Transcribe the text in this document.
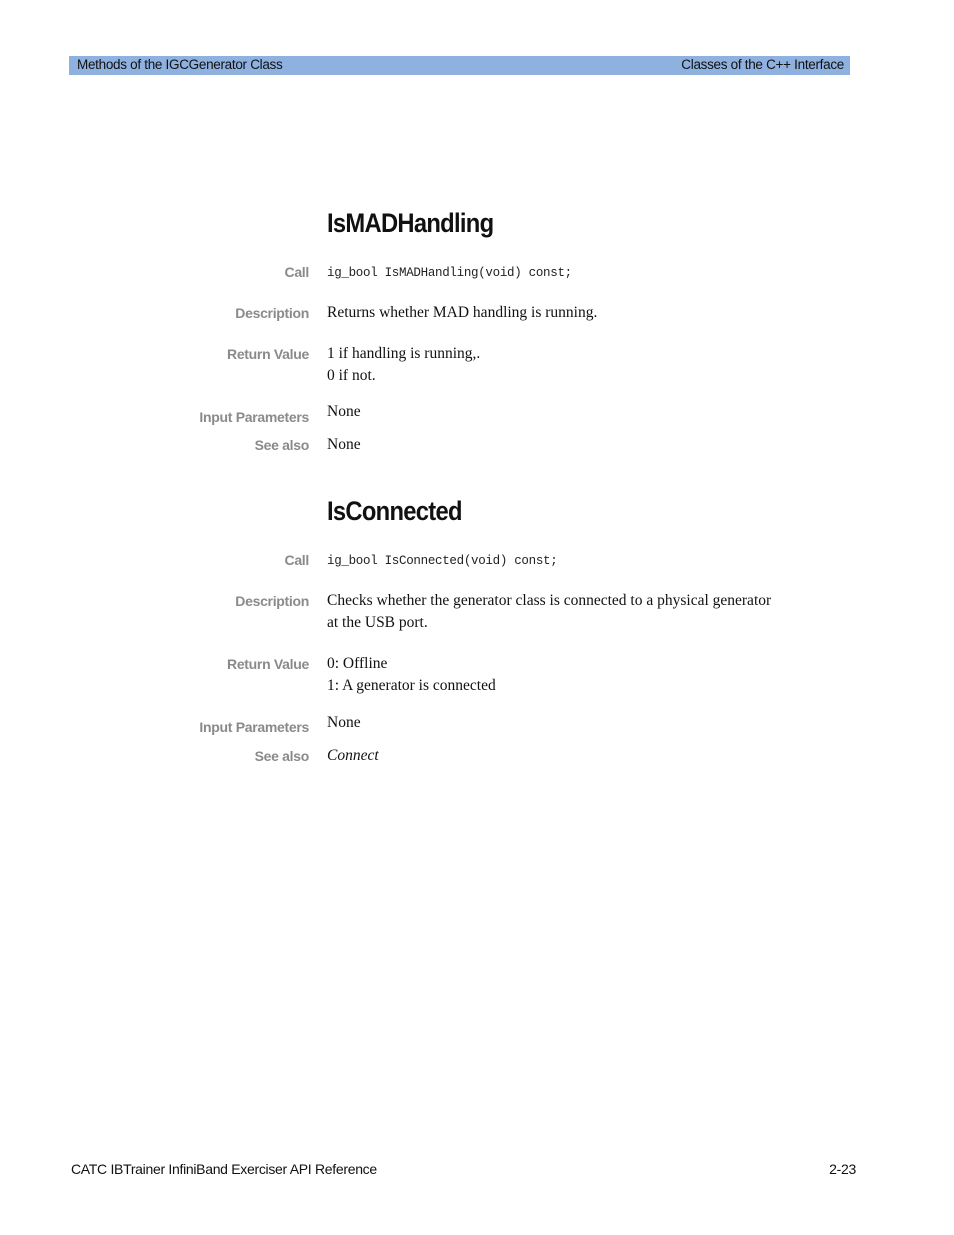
Methods of the IGCGenerator Class	Classes of the C++ Interface
IsMADHandling
Call ig_bool IsMADHandling(void) const;
Description Returns whether MAD handling is running.
Return Value 1 if handling is running,.
0 if not.
Input Parameters None
See also None
IsConnected
Call ig_bool IsConnected(void) const;
Description Checks whether the generator class is connected to a physical generator
at the USB port.
Return Value 0: Offline
1: A generator is connected
Input Parameters None
See also Connect
CATC IBTrainer InfiniBand Exerciser API Reference	2-23
